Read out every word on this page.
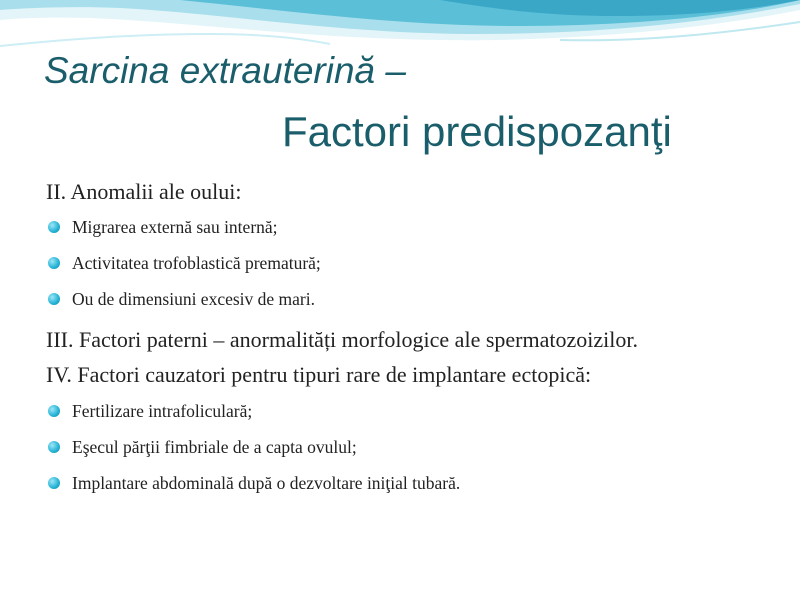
Sarcina extrauterină –
Factori predispozanţi

II. Anomalii ale oului:

Migrarea externă sau internă;
Activitatea trofoblastică prematură;
Ou de dimensiuni excesiv de mari.

III. Factori paterni – anormalități morfologice ale spermatozoizilor.

IV. Factori cauzatori pentru tipuri rare de implantare ectopică:

Fertilizare intrafoliculară;
Eşecul părţii fimbriale de a capta ovulul;
Implantare abdominală după o dezvoltare iniţial tubară.
